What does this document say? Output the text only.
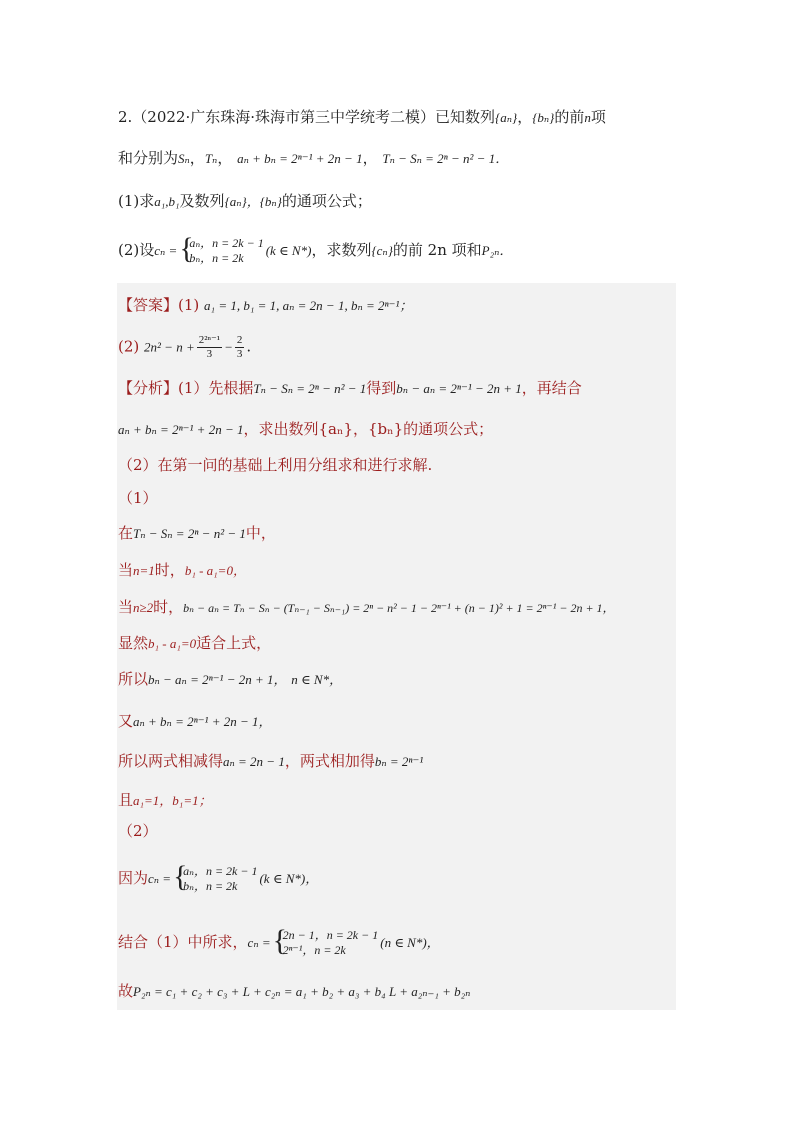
2.（2022·广东珠海·珠海市第三中学统考二模）已知数列{aₙ}，{bₙ}的前n项
和分别为Sₙ，Tₙ， aₙ + bₙ = 2ⁿ⁻¹ + 2n − 1， Tₙ − Sₙ = 2ⁿ − n² − 1．
(1)求a₁,b₁及数列{aₙ}，{bₙ}的通项公式；
(2)设cₙ = {
aₙ，n = 2k − 1
bₙ，n = 2k	(k ∈ N*)，求数列{cₙ}的前 2n 项和P₂ₙ．
【答案】(1) a₁ = 1, b₁ = 1, aₙ = 2n − 1, bₙ = 2ⁿ⁻¹；
(2) $2n^2 - n + \frac{\text{2²ⁿ⁻¹}}{3} - \frac{2}{3}$ .
【分析】(1）先根据Tₙ − Sₙ = 2ⁿ − n² − 1得到bₙ − aₙ = 2ⁿ⁻¹ − 2n + 1，再结合
aₙ + bₙ = 2ⁿ⁻¹ + 2n − 1，求出数列{aₙ}，{bₙ}的通项公式；
（2）在第一问的基础上利用分组求和进行求解.
（1）
在Tₙ − Sₙ = 2ⁿ − n² − 1中，
当n=1时，b₁ - a₁=0，
当n≥2时，bₙ − aₙ = Tₙ − Sₙ − (Tₙ₋₁ − Sₙ₋₁) = 2ⁿ − n² − 1 − 2ⁿ⁻¹ + (n − 1)² + 1 = 2ⁿ⁻¹ − 2n + 1，
显然b₁ - a₁=0适合上式，
所以bₙ − aₙ = 2ⁿ⁻¹ − 2n + 1， n ∈ N*，
又aₙ + bₙ = 2ⁿ⁻¹ + 2n − 1，
所以两式相减得aₙ = 2n − 1，两式相加得bₙ = 2ⁿ⁻¹
且a₁=1，b₁=1；
（2）
因为cₙ = {
aₙ，n = 2k − 1
bₙ，n = 2k	(k ∈ N*)，
结合（1）中所求，cₙ = {
2n − 1，n = 2k − 1
2ⁿ⁻¹，n = 2k	(n ∈ N*)，
故P₂ₙ = c₁ + c₂ + c₃ + L + c₂ₙ = a₁ + b₂ + a₃ + b₄ L + a₂ₙ₋₁ + b₂ₙ
